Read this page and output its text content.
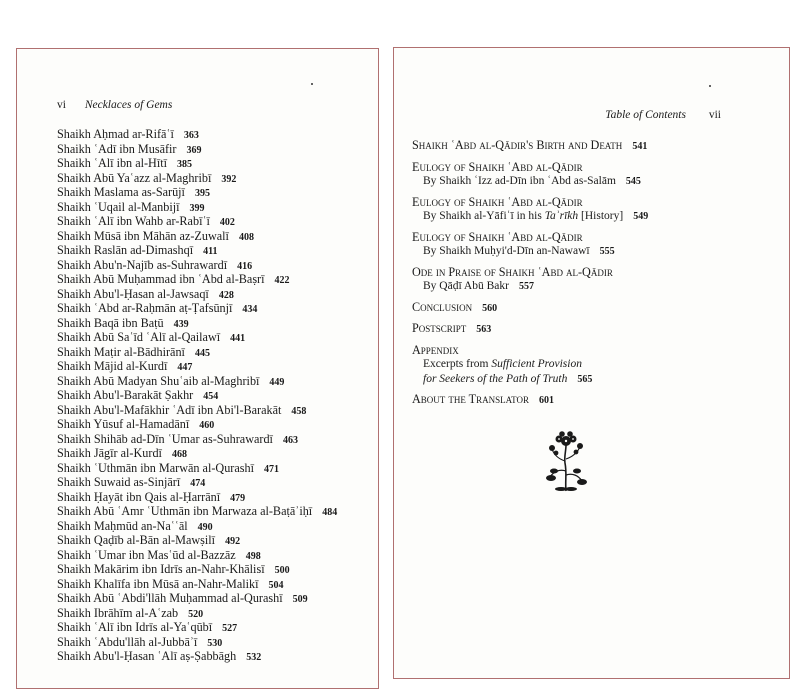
vi Necklaces of Gems
Shaikh Aḥmad ar-Rifāʿī 363
Shaikh ʿAdī ibn Musāfir 369
Shaikh ʿAlī ibn al-Hītī 385
Shaikh Abū Yaʿazz al-Maghribī 392
Shaikh Maslama as-Sarūjī 395
Shaikh ʿUqail al-Manbijī 399
Shaikh ʿAlī ibn Wahb ar-Rabīʿī 402
Shaikh Mūsā ibn Māhān az-Zuwalī 408
Shaikh Raslān ad-Dimashqī 411
Shaikh Abu'n-Najīb as-Suhrawardī 416
Shaikh Abū Muḥammad ibn ʿAbd al-Baṣrī 422
Shaikh Abu'l-Ḥasan al-Jawsaqī 428
Shaikh ʿAbd ar-Raḥmān aṭ-Ṭafsūnjī 434
Shaikh Baqā ibn Baṭū 439
Shaikh Abū Saʿīd ʿAlī al-Qailawī 441
Shaikh Maṭir al-Bādhirānī 445
Shaikh Mājid al-Kurdī 447
Shaikh Abū Madyan Shuʿaib al-Maghribī 449
Shaikh Abu'l-Barakāt Ṣakhr 454
Shaikh Abu'l-Mafākhir ʿAdī ibn Abi'l-Barakāt 458
Shaikh Yūsuf al-Hamadānī 460
Shaikh Shihāb ad-Dīn ʿUmar as-Suhrawardī 463
Shaikh Jāgīr al-Kurdī 468
Shaikh ʿUthmān ibn Marwān al-Qurashī 471
Shaikh Suwaid as-Sinjārī 474
Shaikh Ḥayāt ibn Qais al-Ḥarrānī 479
Shaikh Abū ʿAmr ʿUthmān ibn Marwaza al-Baṭāʾiḥī 484
Shaikh Maḥmūd an-Naʿʿāl 490
Shaikh Qaḍīb al-Bān al-Mawṣilī 492
Shaikh ʿUmar ibn Masʿūd al-Bazzāz 498
Shaikh Makārim ibn Idrīs an-Nahr-Khālisī 500
Shaikh Khalīfa ibn Mūsā an-Nahr-Malikī 504
Shaikh Abū ʿAbdi'llāh Muḥammad al-Qurashī 509
Shaikh Ibrāhīm al-Aʿzab 520
Shaikh ʿAlī ibn Idrīs al-Yaʿqūbī 527
Shaikh ʿAbdu'llāh al-Jubbāʾī 530
Shaikh Abu'l-Ḥasan ʿAlī aṣ-Ṣabbāgh 532
Table of Contents vii
Shaikh ʿAbd al-Qādir's Birth and Death 541
Eulogy of Shaikh ʿAbd al-Qādir
By Shaikh ʿIzz ad-Dīn ibn ʿAbd as-Salām 545
Eulogy of Shaikh ʿAbd al-Qādir
By Shaikh al-Yāfiʿī in his Taʾrīkh [History] 549
Eulogy of Shaikh ʿAbd al-Qādir
By Shaikh Muḥyi'd-Dīn an-Nawawī 555
Ode in Praise of Shaikh ʿAbd al-Qādir
By Qāḍī Abū Bakr 557
Conclusion 560
Postscript 563
Appendix
Excerpts from Sufficient Provision
for Seekers of the Path of Truth 565
About the Translator 601
